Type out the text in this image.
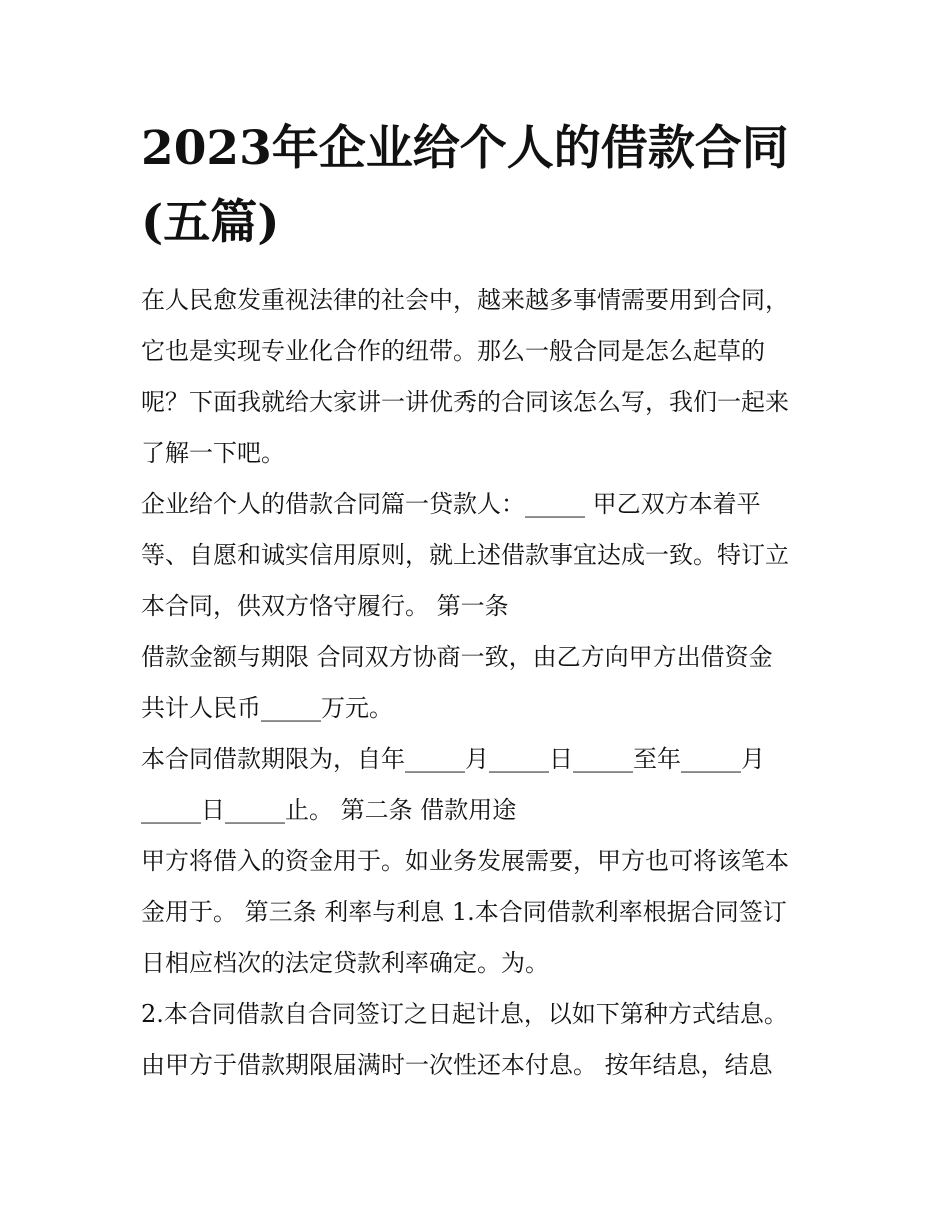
2023年企业给个人的借款合同
(五篇)
在人民愈发重视法律的社会中，越来越多事情需要用到合同，
它也是实现专业化合作的纽带。那么一般合同是怎么起草的
呢？下面我就给大家讲一讲优秀的合同该怎么写，我们一起来
了解一下吧。
企业给个人的借款合同篇一贷款人：_____ 甲乙双方本着平
等、自愿和诚实信用原则，就上述借款事宜达成一致。特订立
本合同，供双方恪守履行。 第一条
借款金额与期限 合同双方协商一致，由乙方向甲方出借资金
共计人民币_____万元。
本合同借款期限为，自年_____月_____日_____至年_____月
_____日_____止。 第二条 借款用途
甲方将借入的资金用于。如业务发展需要，甲方也可将该笔本
金用于。 第三条 利率与利息 1.本合同借款利率根据合同签订
日相应档次的法定贷款利率确定。为。
2.本合同借款自合同签订之日起计息，以如下第种方式结息。
由甲方于借款期限届满时一次性还本付息。 按年结息，结息
